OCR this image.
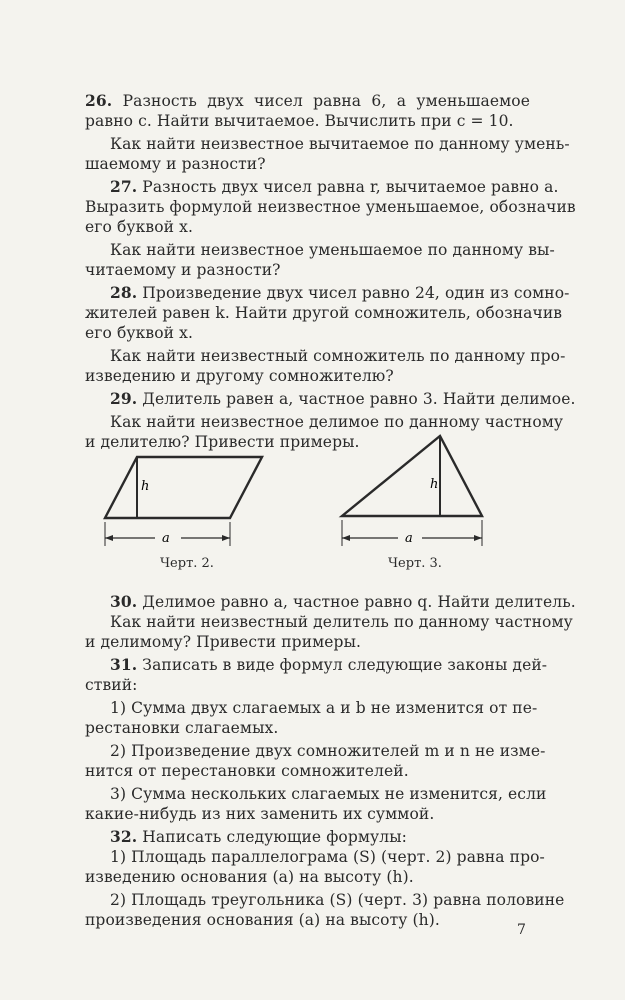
26. Разность двух чисел равна 6, а уменьшаемое
равно c. Найти вычитаемое. Вычислить при c = 10.
Как найти неизвестное вычитаемое по данному умень-
шаемому и разности?
27. Разность двух чисел равна r, вычитаемое равно a.
Выразить формулой неизвестное уменьшаемое, обозначив
его буквой x.
Как найти неизвестное уменьшаемое по данному вы-
читаемому и разности?
28. Произведение двух чисел равно 24, один из сомно-
жителей равен k. Найти другой сомножитель, обозначив
его буквой x.
Как найти неизвестный сомножитель по данному про-
изведению и другому сомножителю?
29. Делитель равен a, частное равно 3. Найти делимое.
Как найти неизвестное делимое по данному частному
и делителю? Привести примеры.
h
a
Черт. 2.
h
a
Черт. 3.
30. Делимое равно a, частное равно q. Найти делитель.
Как найти неизвестный делитель по данному частному
и делимому? Привести примеры.
31. Записать в виде формул следующие законы дей-
ствий:
1) Сумма двух слагаемых a и b не изменится от пе-
рестановки слагаемых.
2) Произведение двух сомножителей m и n не изме-
нится от перестановки сомножителей.
3) Сумма нескольких слагаемых не изменится, если
какие-нибудь из них заменить их суммой.
32. Написать следующие формулы:
1) Площадь параллелограма (S) (черт. 2) равна про-
изведению основания (a) на высоту (h).
2) Площадь треугольника (S) (черт. 3) равна половине
произведения основания (a) на высоту (h).
7
